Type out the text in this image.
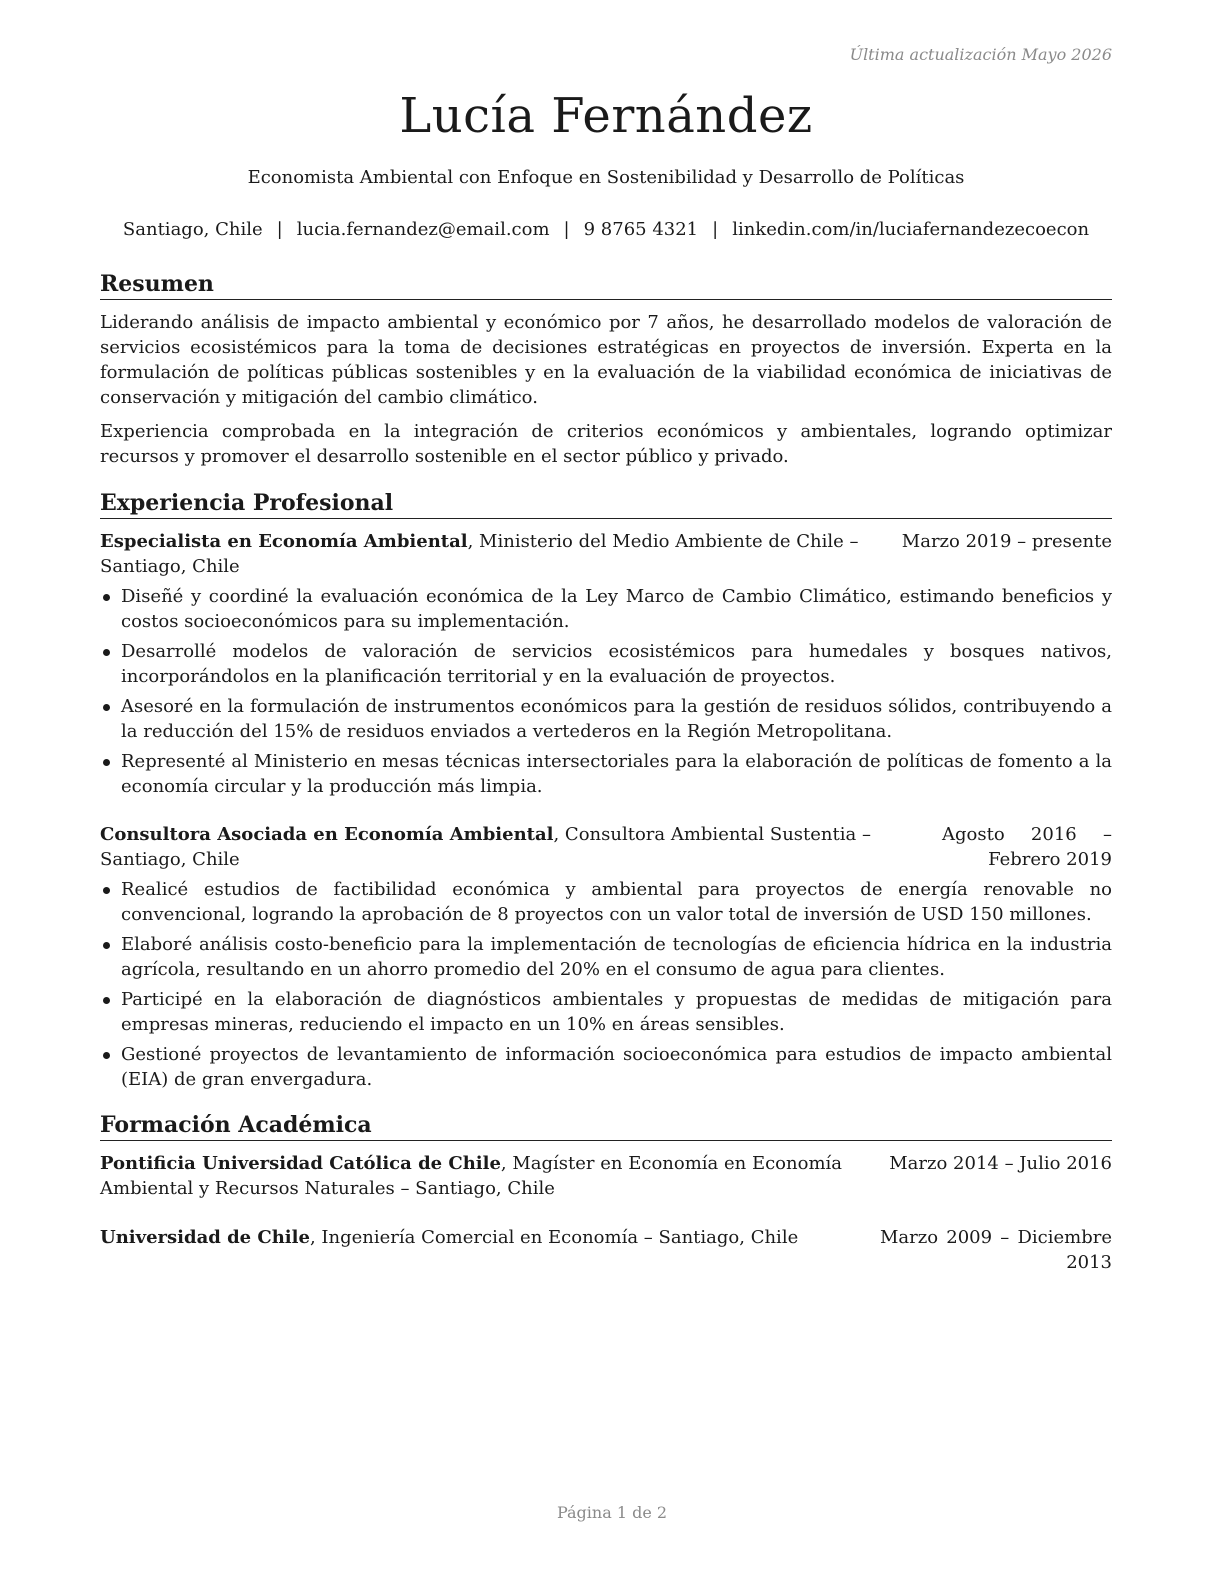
Última actualización Mayo 2026
Lucía Fernández
Economista Ambiental con Enfoque en Sostenibilidad y Desarrollo de Políticas
Santiago, Chile | lucia.fernandez@email.com | 9 8765 4321 | linkedin.com/in/luciafernandezecoecon
Resumen

Liderando análisis de impacto ambiental y económico por 7 años, he desarrollado modelos de valoración de servicios ecosistémicos para la toma de decisiones estratégicas en proyectos de inversión. Experta en la formulación de políticas públicas sostenibles y en la evaluación de la viabilidad económica de iniciativas de conservación y mitigación del cambio climático.

Experiencia comprobada en la integración de criterios económicos y ambientales, logrando optimizar recursos y promover el desarrollo sostenible en el sector público y privado.

Experiencia Profesional
Especialista en Economía Ambiental, Ministerio del Medio Ambiente de Chile – Santiago, Chile
Marzo 2019 – presente
Diseñé y coordiné la evaluación económica de la Ley Marco de Cambio Climático, estimando beneficios y costos socioeconómicos para su implementación.
Desarrollé modelos de valoración de servicios ecosistémicos para humedales y bosques nativos, incorporándolos en la planificación territorial y en la evaluación de proyectos.
Asesoré en la formulación de instrumentos económicos para la gestión de residuos sólidos, contribuyendo a la reducción del 15% de residuos enviados a vertederos en la Región Metropolitana.
Representé al Ministerio en mesas técnicas intersectoriales para la elaboración de políticas de fomento a la economía circular y la producción más limpia.
Consultora Asociada en Economía Ambiental, Consultora Ambiental Sustentia – Santiago, Chile
Agosto 2016 – Febrero 2019
Realicé estudios de factibilidad económica y ambiental para proyectos de energía renovable no convencional, logrando la aprobación de 8 proyectos con un valor total de inversión de USD 150 millones.
Elaboré análisis costo-beneficio para la implementación de tecnologías de eficiencia hídrica en la industria agrícola, resultando en un ahorro promedio del 20% en el consumo de agua para clientes.
Participé en la elaboración de diagnósticos ambientales y propuestas de medidas de mitigación para empresas mineras, reduciendo el impacto en un 10% en áreas sensibles.
Gestioné proyectos de levantamiento de información socioeconómica para estudios de impacto ambiental (EIA) de gran envergadura.
Formación Académica
Pontificia Universidad Católica de Chile, Magíster en Economía en Economía Ambiental y Recursos Naturales – Santiago, Chile
Marzo 2014 – Julio 2016
Universidad de Chile, Ingeniería Comercial en Economía – Santiago, Chile	Marzo 2009 – Diciembre 2013
Página 1 de 2
